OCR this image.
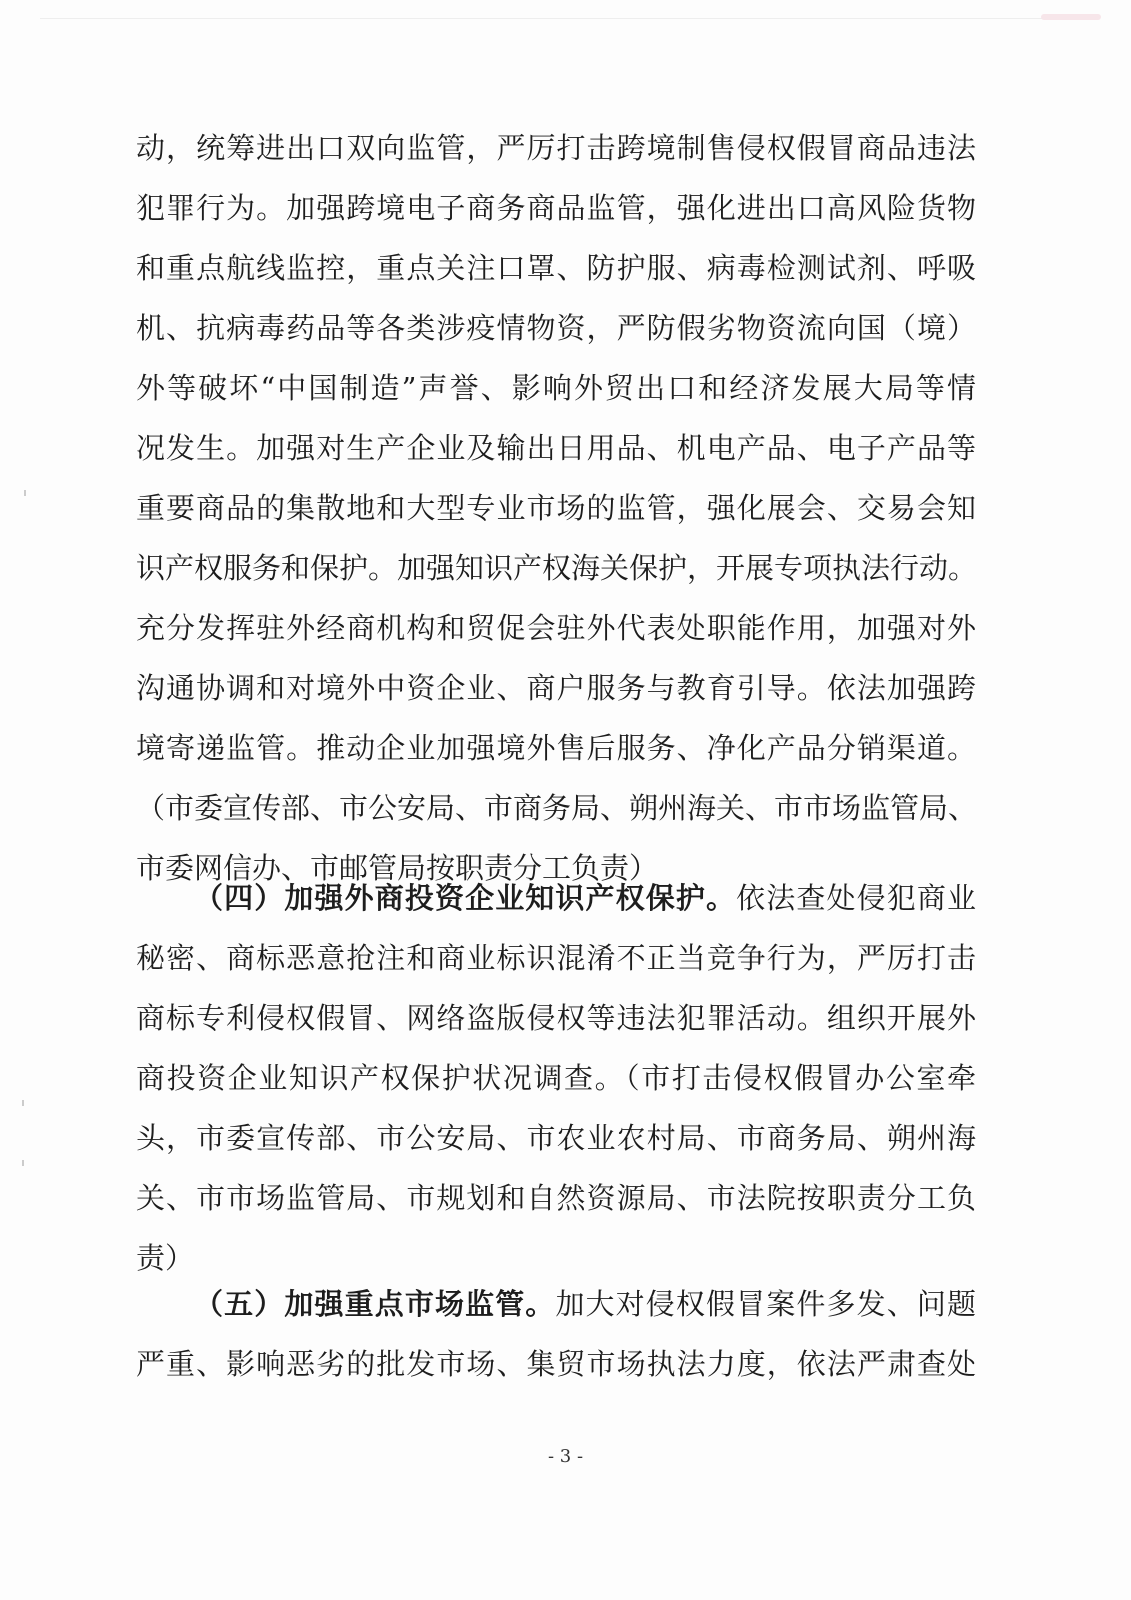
动，统筹进出口双向监管，严厉打击跨境制售侵权假冒商品违法
犯罪行为。加强跨境电子商务商品监管，强化进出口高风险货物
和重点航线监控，重点关注口罩、防护服、病毒检测试剂、呼吸
机、抗病毒药品等各类涉疫情物资，严防假劣物资流向国（境）
外等破坏“中国制造”声誉、影响外贸出口和经济发展大局等情
况发生。加强对生产企业及输出日用品、机电产品、电子产品等
重要商品的集散地和大型专业市场的监管，强化展会、交易会知
识产权服务和保护。加强知识产权海关保护，开展专项执法行动。
充分发挥驻外经商机构和贸促会驻外代表处职能作用，加强对外
沟通协调和对境外中资企业、商户服务与教育引导。依法加强跨
境寄递监管。推动企业加强境外售后服务、净化产品分销渠道。
（市委宣传部、市公安局、市商务局、朔州海关、市市场监管局、
市委网信办、市邮管局按职责分工负责）
（四）加强外商投资企业知识产权保护。依法查处侵犯商业
秘密、商标恶意抢注和商业标识混淆不正当竞争行为，严厉打击
商标专利侵权假冒、网络盗版侵权等违法犯罪活动。组织开展外
商投资企业知识产权保护状况调查。（市打击侵权假冒办公室牵
头，市委宣传部、市公安局、市农业农村局、市商务局、朔州海
关、市市场监管局、市规划和自然资源局、市法院按职责分工负
责）
（五）加强重点市场监管。加大对侵权假冒案件多发、问题
严重、影响恶劣的批发市场、集贸市场执法力度，依法严肃查处
- 3 -
